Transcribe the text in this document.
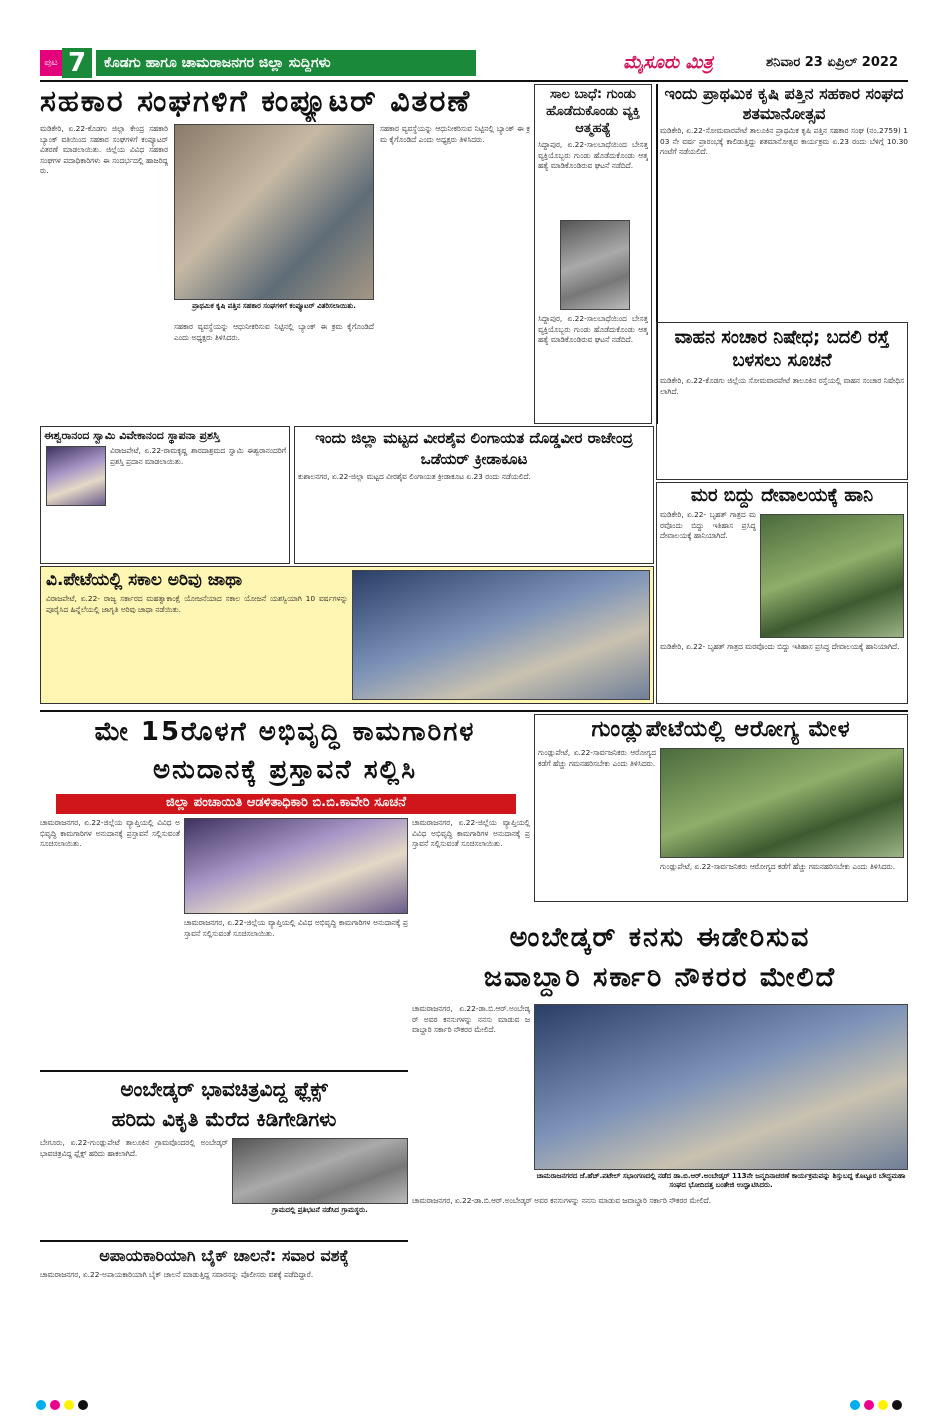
ಪುಟ 7	ಕೊಡಗು ಹಾಗೂ ಚಾಮರಾಜನಗರ ಜಿಲ್ಲಾ ಸುದ್ದಿಗಳು	ಮೈಸೂರು ಮಿತ್ರ	ಶನಿವಾರ 23 ಏಪ್ರಿಲ್ 2022
ಸಹಕಾರ ಸಂಘಗಳಿಗೆ ಕಂಪ್ಯೂಟರ್ ವಿತರಣೆ
ಮಡಿಕೇರಿ, ಏ.22-ಕೊಡಗು ಜಿಲ್ಲಾ ಕೇಂದ್ರ ಸಹಕಾರಿ ಬ್ಯಾಂಕ್ ವತಿಯಿಂದ ಸಹಕಾರ ಸಂಘಗಳಿಗೆ ಕಂಪ್ಯೂಟರ್ ವಿತರಣೆ ಮಾಡಲಾಯಿತು. ಜಿಲ್ಲೆಯ ವಿವಿಧ ಸಹಕಾರ ಸಂಘಗಳ ಪದಾಧಿಕಾರಿಗಳು ಈ ಸಂದರ್ಭದಲ್ಲಿ ಹಾಜರಿದ್ದರು.
ಪ್ರಾಥಮಿಕ ಕೃಷಿ ಪತ್ತಿನ ಸಹಕಾರ ಸಂಘಗಳಿಗೆ ಕಂಪ್ಯೂಟರ್ ವಿತರಿಸಲಾಯಿತು.
ಸಹಕಾರ ವ್ಯವಸ್ಥೆಯನ್ನು ಆಧುನೀಕರಿಸುವ ನಿಟ್ಟಿನಲ್ಲಿ ಬ್ಯಾಂಕ್ ಈ ಕ್ರಮ ಕೈಗೊಂಡಿದೆ ಎಂದು ಅಧ್ಯಕ್ಷರು ತಿಳಿಸಿದರು.
ಸಹಕಾರ ವ್ಯವಸ್ಥೆಯನ್ನು ಆಧುನೀಕರಿಸುವ ನಿಟ್ಟಿನಲ್ಲಿ ಬ್ಯಾಂಕ್ ಈ ಕ್ರಮ ಕೈಗೊಂಡಿದೆ ಎಂದು ಅಧ್ಯಕ್ಷರು ತಿಳಿಸಿದರು.
ಸಾಲ ಬಾಧೆ: ಗುಂಡು ಹೊಡೆದುಕೊಂಡು ವ್ಯಕ್ತಿ ಆತ್ಮಹತ್ಯೆ
ಸಿದ್ದಾಪುರ, ಏ.22-ಸಾಲಬಾಧೆಯಿಂದ ಬೇಸತ್ತ ವ್ಯಕ್ತಿಯೊಬ್ಬರು ಗುಂಡು ಹೊಡೆದುಕೊಂಡು ಆತ್ಮಹತ್ಯೆ ಮಾಡಿಕೊಂಡಿರುವ ಘಟನೆ ನಡೆದಿದೆ.
ಸಿದ್ದಾಪುರ, ಏ.22-ಸಾಲಬಾಧೆಯಿಂದ ಬೇಸತ್ತ ವ್ಯಕ್ತಿಯೊಬ್ಬರು ಗುಂಡು ಹೊಡೆದುಕೊಂಡು ಆತ್ಮಹತ್ಯೆ ಮಾಡಿಕೊಂಡಿರುವ ಘಟನೆ ನಡೆದಿದೆ.
ಇಂದು ಪ್ರಾಥಮಿಕ ಕೃಷಿ ಪತ್ತಿನ ಸಹಕಾರ ಸಂಘದ ಶತಮಾನೋತ್ಸವ
ಮಡಿಕೇರಿ, ಏ.22-ಸೋಮವಾರಪೇಟೆ ತಾಲೂಕಿನ ಪ್ರಾಥಮಿಕ ಕೃಷಿ ಪತ್ತಿನ ಸಹಕಾರ ಸಂಘ (ನಂ.2759) 103 ನೇ ವರ್ಷ ಪ್ರಾರಂಭಕ್ಕೆ ಕಾಲಿಡುತ್ತಿದ್ದು ಶತಮಾನೋತ್ಸವ ಕಾರ್ಯಕ್ರಮ ಏ.23 ರಂದು ಬೆಳಿಗ್ಗೆ 10.30 ಗಂಟೆಗೆ ನಡೆಯಲಿದೆ.
ವಾಹನ ಸಂಚಾರ ನಿಷೇಧ; ಬದಲಿ ರಸ್ತೆ ಬಳಸಲು ಸೂಚನೆ
ಮಡಿಕೇರಿ, ಏ.22-ಕೊಡಗು ಜಿಲ್ಲೆಯ ಸೋಮವಾರಪೇಟೆ ತಾಲೂಕಿನ ರಸ್ತೆಯಲ್ಲಿ ವಾಹನ ಸಂಚಾರ ನಿಷೇಧಿಸಲಾಗಿದೆ.
ಈಶ್ವರಾನಂದ ಸ್ವಾಮಿ ವಿವೇಕಾನಂದ ಸ್ಥಾಪನಾ ಪ್ರಶಸ್ತಿ
ವಿರಾಜಪೇಟೆ, ಏ.22-ರಾಮಕೃಷ್ಣ ಶಾರದಾಶ್ರಮದ ಸ್ವಾಮಿ ಈಶ್ವರಾನಂದರಿಗೆ ಪ್ರಶಸ್ತಿ ಪ್ರದಾನ ಮಾಡಲಾಯಿತು.
ಇಂದು ಜಿಲ್ಲಾ ಮಟ್ಟದ ವೀರಶೈವ ಲಿಂಗಾಯತ ದೊಡ್ಡವೀರ ರಾಜೇಂದ್ರ ಒಡೆಯರ್ ಕ್ರೀಡಾಕೂಟ
ಕುಶಾಲನಗರ, ಏ.22-ಜಿಲ್ಲಾ ಮಟ್ಟದ ವೀರಶೈವ ಲಿಂಗಾಯತ ಕ್ರೀಡಾಕೂಟ ಏ.23 ರಂದು ನಡೆಯಲಿದೆ.
ಮರ ಬಿದ್ದು ದೇವಾಲಯಕ್ಕೆ ಹಾನಿ
ಮಡಿಕೇರಿ, ಏ.22- ಬೃಹತ್ ಗಾತ್ರದ ಮರವೊಂದು ಬಿದ್ದು ಇತಿಹಾಸ ಪ್ರಸಿದ್ಧ ದೇವಾಲಯಕ್ಕೆ ಹಾನಿಯಾಗಿದೆ.
ಮಡಿಕೇರಿ, ಏ.22- ಬೃಹತ್ ಗಾತ್ರದ ಮರವೊಂದು ಬಿದ್ದು ಇತಿಹಾಸ ಪ್ರಸಿದ್ಧ ದೇವಾಲಯಕ್ಕೆ ಹಾನಿಯಾಗಿದೆ.
ವಿ.ಪೇಟೆಯಲ್ಲಿ ಸಕಾಲ ಅರಿವು ಜಾಥಾ
ವಿರಾಜಪೇಟೆ, ಏ.22- ರಾಜ್ಯ ಸರ್ಕಾರದ ಮಹತ್ವಾಕಾಂಕ್ಷೆ ಯೋಜನೆಯಾದ ಸಕಾಲ ಯೋಜನೆ ಯಶಸ್ವಿಯಾಗಿ 10 ವರ್ಷಗಳನ್ನು ಪೂರೈಸಿದ ಹಿನ್ನೆಲೆಯಲ್ಲಿ ಜಾಗೃತಿ ಅರಿವು ಜಾಥಾ ನಡೆಯಿತು.
ಮೇ 15ರೊಳಗೆ ಅಭಿವೃದ್ಧಿ ಕಾಮಗಾರಿಗಳ
ಅನುದಾನಕ್ಕೆ ಪ್ರಸ್ತಾವನೆ ಸಲ್ಲಿಸಿ
ಜಿಲ್ಲಾ ಪಂಚಾಯಿತಿ ಆಡಳಿತಾಧಿಕಾರಿ ಬಿ.ಬಿ.ಕಾವೇರಿ ಸೂಚನೆ
ಚಾಮರಾಜನಗರ, ಏ.22-ಜಿಲ್ಲೆಯ ವ್ಯಾಪ್ತಿಯಲ್ಲಿ ವಿವಿಧ ಅಭಿವೃದ್ಧಿ ಕಾಮಗಾರಿಗಳ ಅನುದಾನಕ್ಕೆ ಪ್ರಸ್ತಾವನೆ ಸಲ್ಲಿಸುವಂತೆ ಸೂಚಿಸಲಾಯಿತು.
ಚಾಮರಾಜನಗರ, ಏ.22-ಜಿಲ್ಲೆಯ ವ್ಯಾಪ್ತಿಯಲ್ಲಿ ವಿವಿಧ ಅಭಿವೃದ್ಧಿ ಕಾಮಗಾರಿಗಳ ಅನುದಾನಕ್ಕೆ ಪ್ರಸ್ತಾವನೆ ಸಲ್ಲಿಸುವಂತೆ ಸೂಚಿಸಲಾಯಿತು.
ಚಾಮರಾಜನಗರ, ಏ.22-ಜಿಲ್ಲೆಯ ವ್ಯಾಪ್ತಿಯಲ್ಲಿ ವಿವಿಧ ಅಭಿವೃದ್ಧಿ ಕಾಮಗಾರಿಗಳ ಅನುದಾನಕ್ಕೆ ಪ್ರಸ್ತಾವನೆ ಸಲ್ಲಿಸುವಂತೆ ಸೂಚಿಸಲಾಯಿತು.
ಗುಂಡ್ಲುಪೇಟೆಯಲ್ಲಿ ಆರೋಗ್ಯ ಮೇಳ
ಗುಂಡ್ಲುಪೇಟೆ, ಏ.22-ಸಾರ್ವಜನಿಕರು ಆರೋಗ್ಯದ ಕಡೆಗೆ ಹೆಚ್ಚು ಗಮನಹರಿಸಬೇಕು ಎಂದು ತಿಳಿಸಿದರು.
ಗುಂಡ್ಲುಪೇಟೆ, ಏ.22-ಸಾರ್ವಜನಿಕರು ಆರೋಗ್ಯದ ಕಡೆಗೆ ಹೆಚ್ಚು ಗಮನಹರಿಸಬೇಕು ಎಂದು ತಿಳಿಸಿದರು.
ಅಂಬೇಡ್ಕರ್ ಕನಸು ಈಡೇರಿಸುವ
ಜವಾಬ್ದಾರಿ ಸರ್ಕಾರಿ ನೌಕರರ ಮೇಲಿದೆ
ಚಾಮರಾಜನಗರ, ಏ.22-ಡಾ.ಬಿ.ಆರ್.ಅಂಬೇಡ್ಕರ್ ಅವರ ಕನಸುಗಳನ್ನು ನನಸು ಮಾಡುವ ಜವಾಬ್ದಾರಿ ಸರ್ಕಾರಿ ನೌಕರರ ಮೇಲಿದೆ.
ಚಾಮರಾಜನಗರದ ಜೆ.ಹೆಚ್.ಪಟೇಲ್ ಸಭಾಂಗಣದಲ್ಲಿ ನಡೆದ ಡಾ.ಬಿ.ಆರ್.ಅಂಬೇಡ್ಕರ್ 113ನೇ ಜನ್ಮದಿನಾಚರಣೆ ಕಾರ್ಯಕ್ರಮವನ್ನು ಶಿಸ್ತುಬದ್ದ ಕೊಟ್ಟೂರ ಬೌದ್ಧಮಹಾ ಸಂಘದ ಭೋದಿದತ್ತ ಬಂತೇಜಿ ಉದ್ಘಾಟಿಸಿದರು.
ಚಾಮರಾಜನಗರ, ಏ.22-ಡಾ.ಬಿ.ಆರ್.ಅಂಬೇಡ್ಕರ್ ಅವರ ಕನಸುಗಳನ್ನು ನನಸು ಮಾಡುವ ಜವಾಬ್ದಾರಿ ಸರ್ಕಾರಿ ನೌಕರರ ಮೇಲಿದೆ.
ಅಂಬೇಡ್ಕರ್ ಭಾವಚಿತ್ರವಿದ್ದ ಫ್ಲೆಕ್ಸ್
ಹರಿದು ವಿಕೃತಿ ಮೆರೆದ ಕಿಡಿಗೇಡಿಗಳು
ಬೇಗೂರು, ಏ.22-ಗುಂಡ್ಲುಪೇಟೆ ತಾಲೂಕಿನ ಗ್ರಾಮವೊಂದರಲ್ಲಿ ಅಂಬೇಡ್ಕರ್ ಭಾವಚಿತ್ರವಿದ್ದ ಫ್ಲೆಕ್ಸ್ ಹರಿದು ಹಾಕಲಾಗಿದೆ.
ಗ್ರಾಮದಲ್ಲಿ ಪ್ರತಿಭಟನೆ ನಡೆಸಿದ ಗ್ರಾಮಸ್ಥರು.
ಅಪಾಯಕಾರಿಯಾಗಿ ಬೈಕ್ ಚಾಲನೆ: ಸವಾರ ವಶಕ್ಕೆ
ಚಾಮರಾಜನಗರ, ಏ.22-ಅಪಾಯಕಾರಿಯಾಗಿ ಬೈಕ್ ಚಾಲನೆ ಮಾಡುತ್ತಿದ್ದ ಸವಾರನನ್ನು ಪೊಲೀಸರು ವಶಕ್ಕೆ ಪಡೆದಿದ್ದಾರೆ.
